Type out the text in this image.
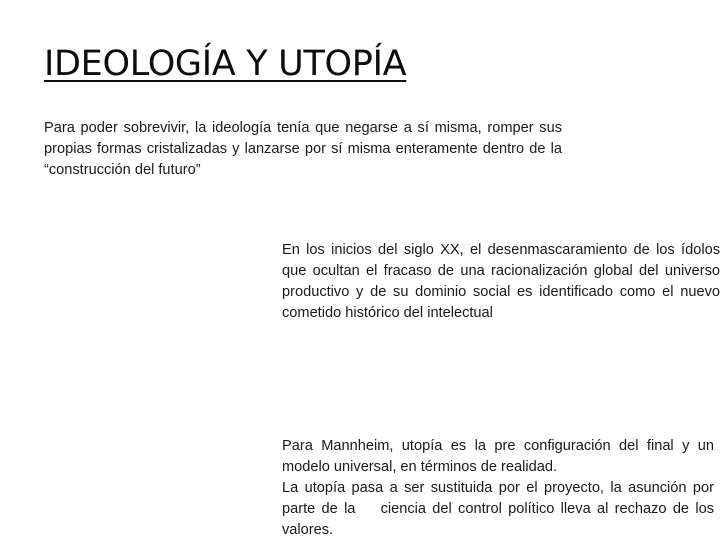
IDEOLOGÍA Y UTOPÍA

Para poder sobrevivir, la ideología tenía que negarse a sí misma, romper sus propias formas cristalizadas y lanzarse por sí misma enteramente dentro de la “construcción del futuro”

En los inicios del siglo XX, el desenmascaramiento de los ídolos que ocultan el fracaso de una racionalización global del universo productivo y de su dominio social es identificado como el nuevo cometido histórico del intelectual

Para Mannheim, utopía es la pre configuración del final y un modelo universal, en términos de realidad.
La utopía pasa a ser sustituida por el proyecto, la asunción por parte de la    ciencia del control político lleva al rechazo de los valores.
